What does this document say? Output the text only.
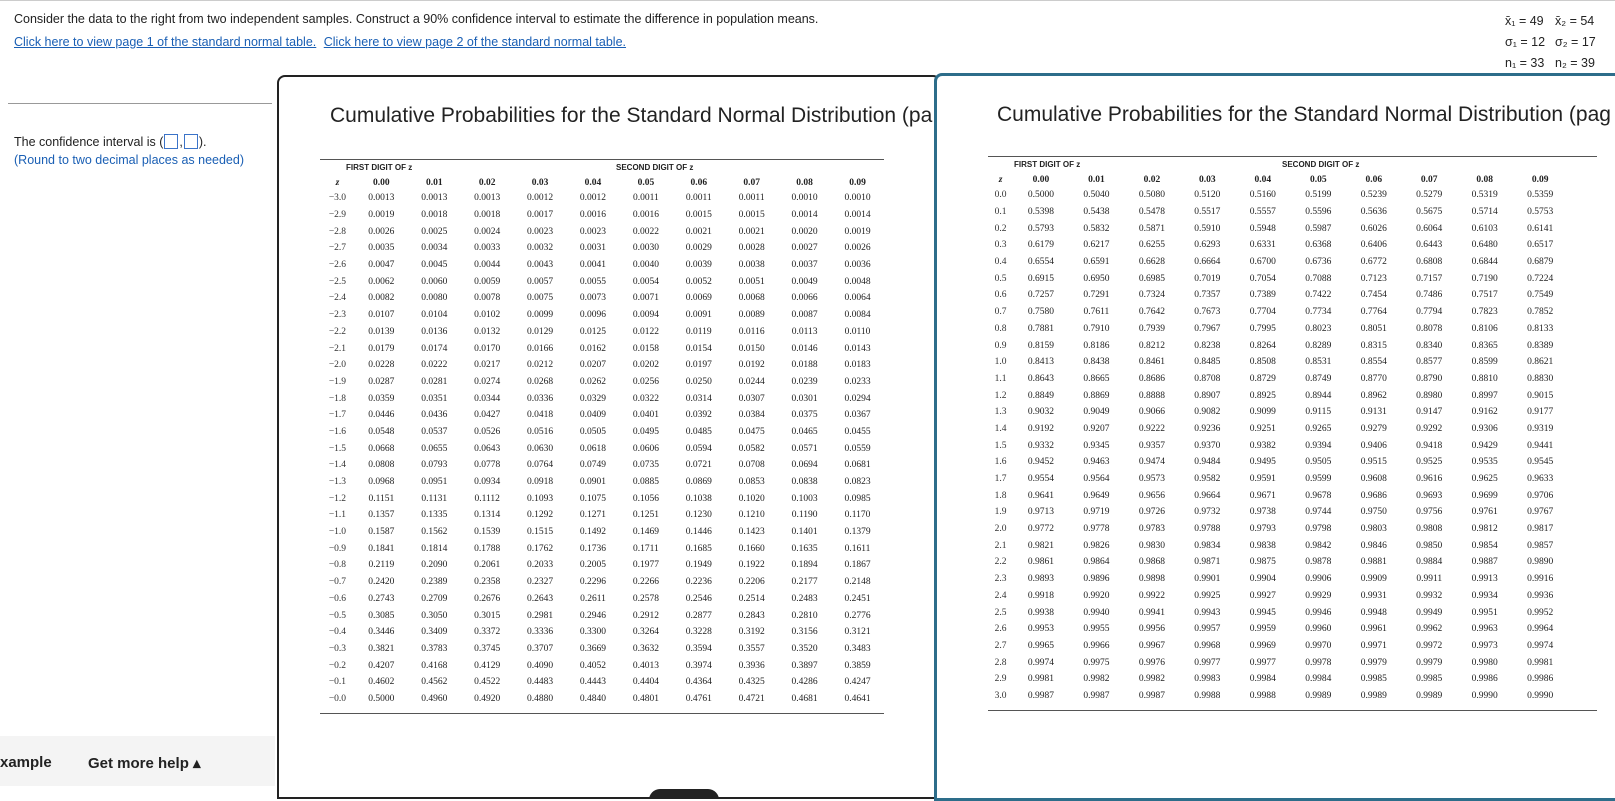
Consider the data to the right from two independent samples. Construct a 90% confidence interval to estimate the difference in population means.
Click here to view page 1 of the standard normal table. Click here to view page 2 of the standard normal table.
x̄₁ = 49 x̄₂ = 54
σ₁ = 12 σ₂ = 17
n₁ = 33 n₂ = 39
The confidence interval is ( , ).
(Round to two decimal places as needed)
xample Get more help ▴
Cumulative Probabilities for the Standard Normal Distribution (pa
FIRST DIGIT OF z	SECOND DIGIT OF z
z	0.00	0.01	0.02	0.03	0.04	0.05	0.06	0.07	0.08	0.09
−3.0	0.0013	0.0013	0.0013	0.0012	0.0012	0.0011	0.0011	0.0011	0.0010	0.0010
−2.9	0.0019	0.0018	0.0018	0.0017	0.0016	0.0016	0.0015	0.0015	0.0014	0.0014
−2.8	0.0026	0.0025	0.0024	0.0023	0.0023	0.0022	0.0021	0.0021	0.0020	0.0019
−2.7	0.0035	0.0034	0.0033	0.0032	0.0031	0.0030	0.0029	0.0028	0.0027	0.0026
−2.6	0.0047	0.0045	0.0044	0.0043	0.0041	0.0040	0.0039	0.0038	0.0037	0.0036
−2.5	0.0062	0.0060	0.0059	0.0057	0.0055	0.0054	0.0052	0.0051	0.0049	0.0048
−2.4	0.0082	0.0080	0.0078	0.0075	0.0073	0.0071	0.0069	0.0068	0.0066	0.0064
−2.3	0.0107	0.0104	0.0102	0.0099	0.0096	0.0094	0.0091	0.0089	0.0087	0.0084
−2.2	0.0139	0.0136	0.0132	0.0129	0.0125	0.0122	0.0119	0.0116	0.0113	0.0110
−2.1	0.0179	0.0174	0.0170	0.0166	0.0162	0.0158	0.0154	0.0150	0.0146	0.0143
−2.0	0.0228	0.0222	0.0217	0.0212	0.0207	0.0202	0.0197	0.0192	0.0188	0.0183
−1.9	0.0287	0.0281	0.0274	0.0268	0.0262	0.0256	0.0250	0.0244	0.0239	0.0233
−1.8	0.0359	0.0351	0.0344	0.0336	0.0329	0.0322	0.0314	0.0307	0.0301	0.0294
−1.7	0.0446	0.0436	0.0427	0.0418	0.0409	0.0401	0.0392	0.0384	0.0375	0.0367
−1.6	0.0548	0.0537	0.0526	0.0516	0.0505	0.0495	0.0485	0.0475	0.0465	0.0455
−1.5	0.0668	0.0655	0.0643	0.0630	0.0618	0.0606	0.0594	0.0582	0.0571	0.0559
−1.4	0.0808	0.0793	0.0778	0.0764	0.0749	0.0735	0.0721	0.0708	0.0694	0.0681
−1.3	0.0968	0.0951	0.0934	0.0918	0.0901	0.0885	0.0869	0.0853	0.0838	0.0823
−1.2	0.1151	0.1131	0.1112	0.1093	0.1075	0.1056	0.1038	0.1020	0.1003	0.0985
−1.1	0.1357	0.1335	0.1314	0.1292	0.1271	0.1251	0.1230	0.1210	0.1190	0.1170
−1.0	0.1587	0.1562	0.1539	0.1515	0.1492	0.1469	0.1446	0.1423	0.1401	0.1379
−0.9	0.1841	0.1814	0.1788	0.1762	0.1736	0.1711	0.1685	0.1660	0.1635	0.1611
−0.8	0.2119	0.2090	0.2061	0.2033	0.2005	0.1977	0.1949	0.1922	0.1894	0.1867
−0.7	0.2420	0.2389	0.2358	0.2327	0.2296	0.2266	0.2236	0.2206	0.2177	0.2148
−0.6	0.2743	0.2709	0.2676	0.2643	0.2611	0.2578	0.2546	0.2514	0.2483	0.2451
−0.5	0.3085	0.3050	0.3015	0.2981	0.2946	0.2912	0.2877	0.2843	0.2810	0.2776
−0.4	0.3446	0.3409	0.3372	0.3336	0.3300	0.3264	0.3228	0.3192	0.3156	0.3121
−0.3	0.3821	0.3783	0.3745	0.3707	0.3669	0.3632	0.3594	0.3557	0.3520	0.3483
−0.2	0.4207	0.4168	0.4129	0.4090	0.4052	0.4013	0.3974	0.3936	0.3897	0.3859
−0.1	0.4602	0.4562	0.4522	0.4483	0.4443	0.4404	0.4364	0.4325	0.4286	0.4247
−0.0	0.5000	0.4960	0.4920	0.4880	0.4840	0.4801	0.4761	0.4721	0.4681	0.4641
Cumulative Probabilities for the Standard Normal Distribution (pag
FIRST DIGIT OF z	SECOND DIGIT OF z
z	0.00	0.01	0.02	0.03	0.04	0.05	0.06	0.07	0.08	0.09
0.0	0.5000	0.5040	0.5080	0.5120	0.5160	0.5199	0.5239	0.5279	0.5319	0.5359
0.1	0.5398	0.5438	0.5478	0.5517	0.5557	0.5596	0.5636	0.5675	0.5714	0.5753
0.2	0.5793	0.5832	0.5871	0.5910	0.5948	0.5987	0.6026	0.6064	0.6103	0.6141
0.3	0.6179	0.6217	0.6255	0.6293	0.6331	0.6368	0.6406	0.6443	0.6480	0.6517
0.4	0.6554	0.6591	0.6628	0.6664	0.6700	0.6736	0.6772	0.6808	0.6844	0.6879
0.5	0.6915	0.6950	0.6985	0.7019	0.7054	0.7088	0.7123	0.7157	0.7190	0.7224
0.6	0.7257	0.7291	0.7324	0.7357	0.7389	0.7422	0.7454	0.7486	0.7517	0.7549
0.7	0.7580	0.7611	0.7642	0.7673	0.7704	0.7734	0.7764	0.7794	0.7823	0.7852
0.8	0.7881	0.7910	0.7939	0.7967	0.7995	0.8023	0.8051	0.8078	0.8106	0.8133
0.9	0.8159	0.8186	0.8212	0.8238	0.8264	0.8289	0.8315	0.8340	0.8365	0.8389
1.0	0.8413	0.8438	0.8461	0.8485	0.8508	0.8531	0.8554	0.8577	0.8599	0.8621
1.1	0.8643	0.8665	0.8686	0.8708	0.8729	0.8749	0.8770	0.8790	0.8810	0.8830
1.2	0.8849	0.8869	0.8888	0.8907	0.8925	0.8944	0.8962	0.8980	0.8997	0.9015
1.3	0.9032	0.9049	0.9066	0.9082	0.9099	0.9115	0.9131	0.9147	0.9162	0.9177
1.4	0.9192	0.9207	0.9222	0.9236	0.9251	0.9265	0.9279	0.9292	0.9306	0.9319
1.5	0.9332	0.9345	0.9357	0.9370	0.9382	0.9394	0.9406	0.9418	0.9429	0.9441
1.6	0.9452	0.9463	0.9474	0.9484	0.9495	0.9505	0.9515	0.9525	0.9535	0.9545
1.7	0.9554	0.9564	0.9573	0.9582	0.9591	0.9599	0.9608	0.9616	0.9625	0.9633
1.8	0.9641	0.9649	0.9656	0.9664	0.9671	0.9678	0.9686	0.9693	0.9699	0.9706
1.9	0.9713	0.9719	0.9726	0.9732	0.9738	0.9744	0.9750	0.9756	0.9761	0.9767
2.0	0.9772	0.9778	0.9783	0.9788	0.9793	0.9798	0.9803	0.9808	0.9812	0.9817
2.1	0.9821	0.9826	0.9830	0.9834	0.9838	0.9842	0.9846	0.9850	0.9854	0.9857
2.2	0.9861	0.9864	0.9868	0.9871	0.9875	0.9878	0.9881	0.9884	0.9887	0.9890
2.3	0.9893	0.9896	0.9898	0.9901	0.9904	0.9906	0.9909	0.9911	0.9913	0.9916
2.4	0.9918	0.9920	0.9922	0.9925	0.9927	0.9929	0.9931	0.9932	0.9934	0.9936
2.5	0.9938	0.9940	0.9941	0.9943	0.9945	0.9946	0.9948	0.9949	0.9951	0.9952
2.6	0.9953	0.9955	0.9956	0.9957	0.9959	0.9960	0.9961	0.9962	0.9963	0.9964
2.7	0.9965	0.9966	0.9967	0.9968	0.9969	0.9970	0.9971	0.9972	0.9973	0.9974
2.8	0.9974	0.9975	0.9976	0.9977	0.9977	0.9978	0.9979	0.9979	0.9980	0.9981
2.9	0.9981	0.9982	0.9982	0.9983	0.9984	0.9984	0.9985	0.9985	0.9986	0.9986
3.0	0.9987	0.9987	0.9987	0.9988	0.9988	0.9989	0.9989	0.9989	0.9990	0.9990
